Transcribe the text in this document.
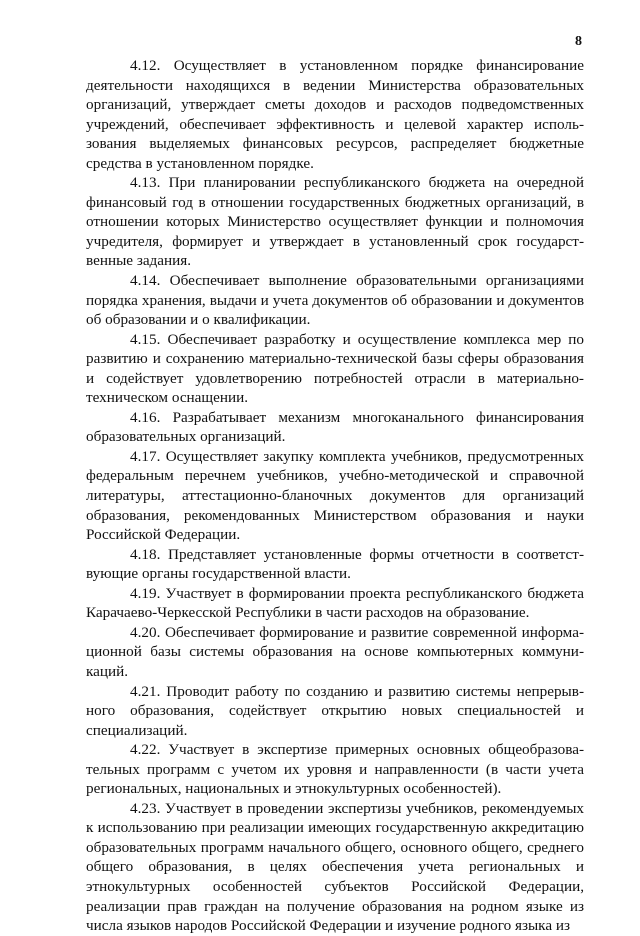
8

4.12. Осуществляет в установленном порядке финансирование деятельности находящихся в ведении Министерства образовательных организаций, утверждает сметы доходов и расходов подведомственных учреждений, обеспечивает эффективность и целевой характер использования выделяемых финансовых ресурсов, распределяет бюджетные средства в установленном порядке.

4.13. При планировании республиканского бюджета на очередной финансовый год в отношении государственных бюджетных организаций, в отношении которых Министерство осуществляет функции и полномочия учредителя, формирует и утверждает в установленный срок государственные задания.

4.14. Обеспечивает выполнение образовательными организациями порядка хранения, выдачи и учета документов об образовании и документов об образовании и о квалификации.

4.15. Обеспечивает разработку и осуществление комплекса мер по развитию и сохранению материально-технической базы сферы образования и содействует удовлетворению потребностей отрасли в материально-техническом оснащении.

4.16. Разрабатывает механизм многоканального финансирования образовательных организаций.

4.17. Осуществляет закупку комплекта учебников, предусмотренных федеральным перечнем учебников, учебно-методической и справочной литературы, аттестационно-бланочных документов для организаций образования, рекомендованных Министерством образования и науки Российской Федерации.

4.18. Представляет установленные формы отчетности в соответствующие органы государственной власти.

4.19. Участвует в формировании проекта республиканского бюджета Карачаево-Черкесской Республики в части расходов на образование.

4.20. Обеспечивает формирование и развитие современной информационной базы системы образования на основе компьютерных коммуникаций.

4.21. Проводит работу по созданию и развитию системы непрерывного образования, содействует открытию новых специальностей и специализаций.

4.22. Участвует в экспертизе примерных основных общеобразовательных программ с учетом их уровня и направленности (в части учета региональных, национальных и этнокультурных особенностей).

4.23. Участвует в проведении экспертизы учебников, рекомендуемых к использованию при реализации имеющих государственную аккредитацию образовательных программ начального общего, основного общего, среднего общего образования, в целях обеспечения учета региональных и этнокультурных особенностей субъектов Российской Федерации, реализации прав граждан на получение образования на родном языке из числа языков народов Российской Федерации и изучение родного языка из
